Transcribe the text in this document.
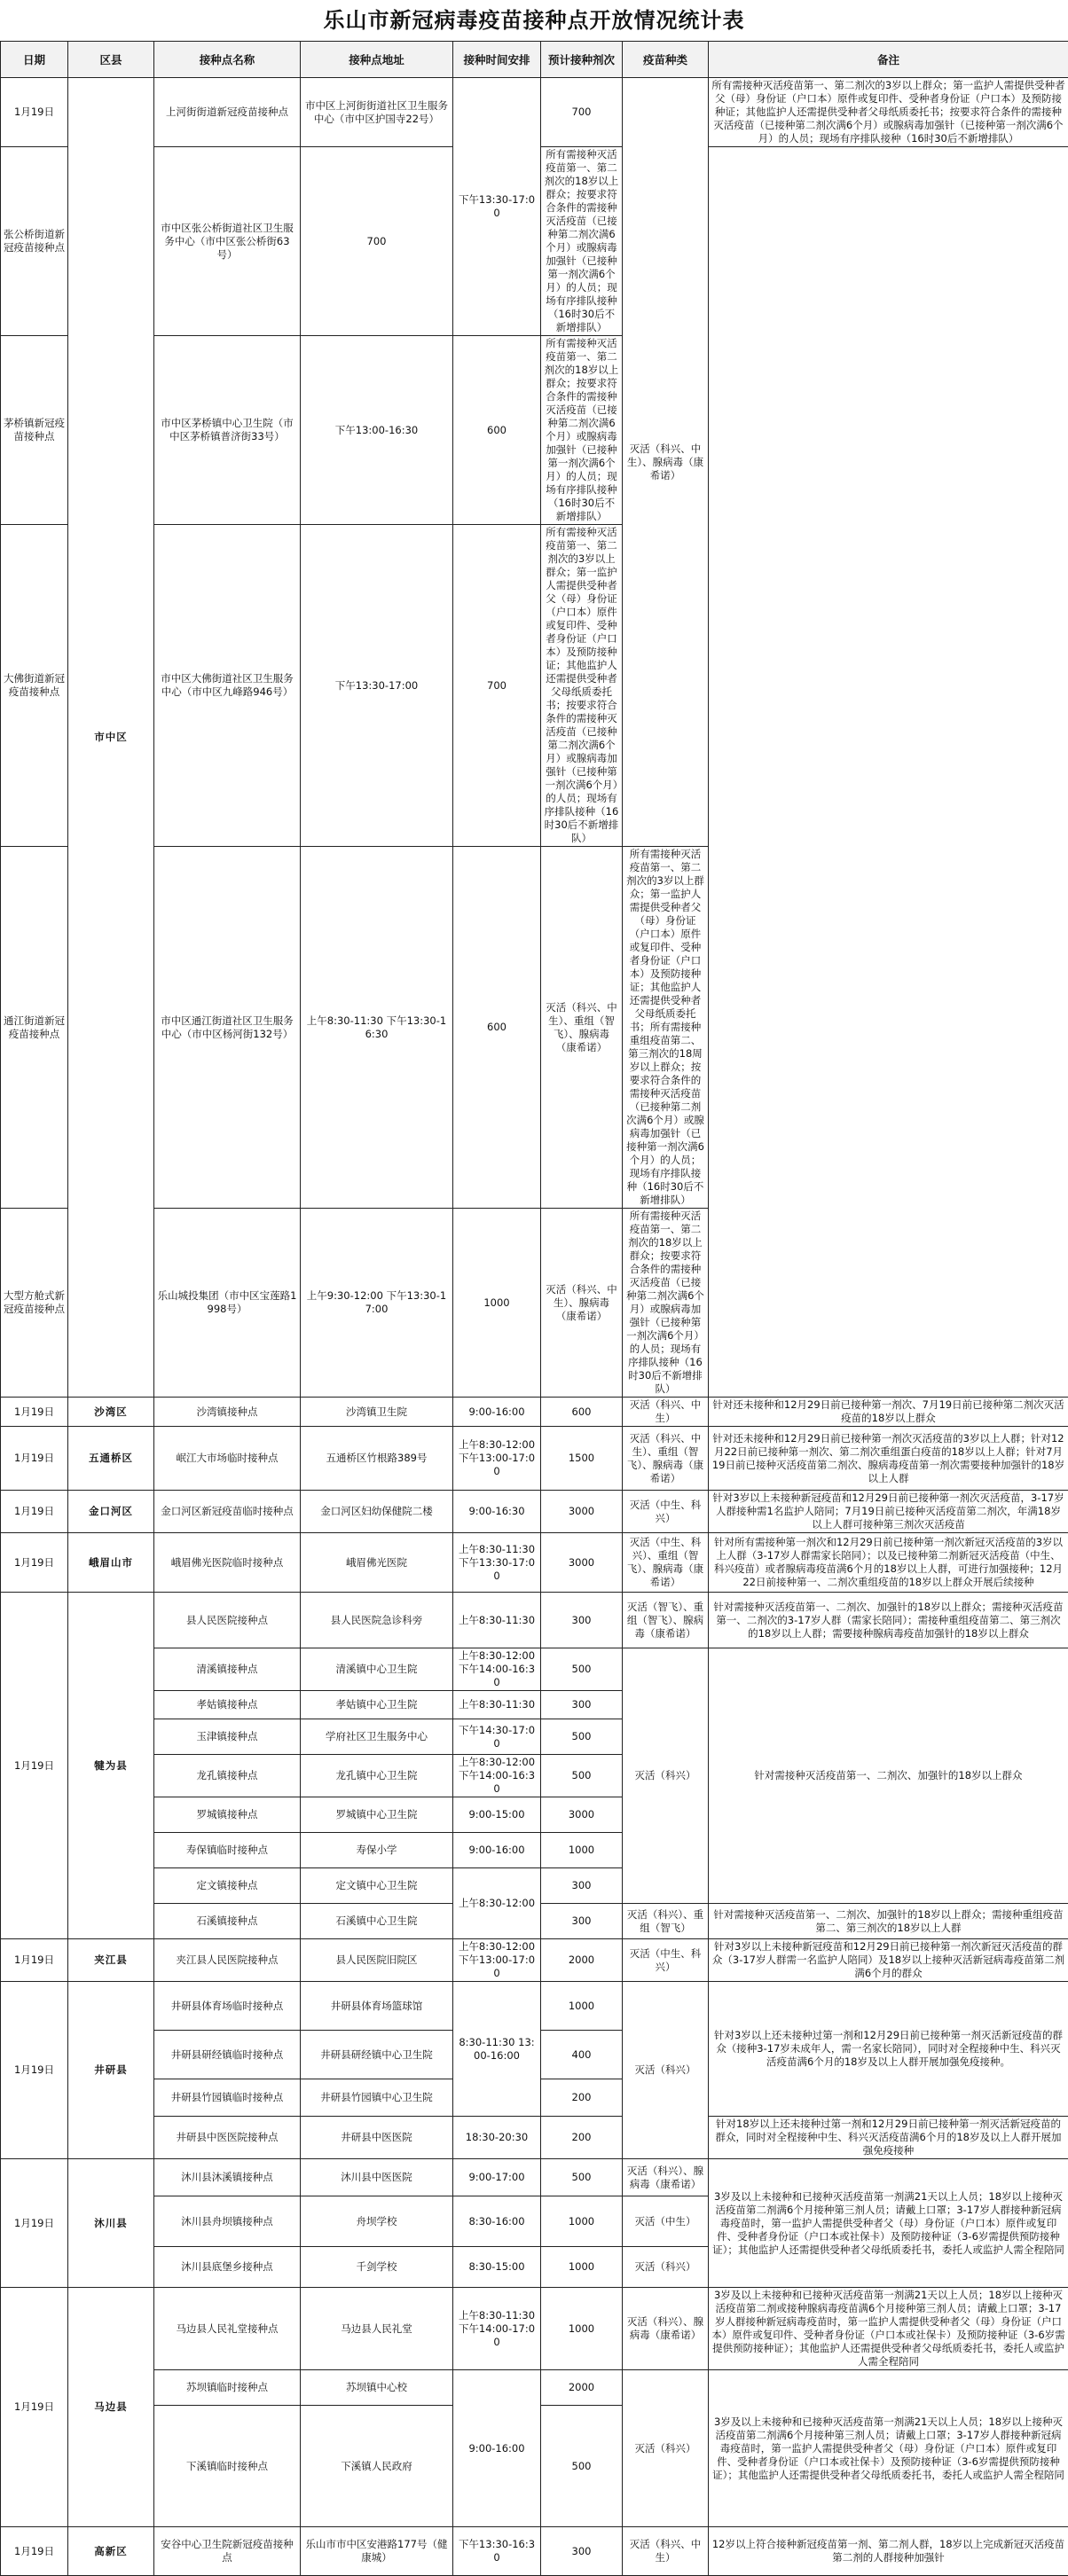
乐山市新冠病毒疫苗接种点开放情况统计表
日期	区县	接种点名称	接种点地址	接种时间安排	预计接种剂次	疫苗种类	备注
1月19日	市中区	上河街街道新冠疫苗接种点	市中区上河街街道社区卫生服务中心（市中区护国寺22号）	下午13:30-17:00	700	灭活（科兴、中生）、腺病毒（康希诺）	所有需接种灭活疫苗第一、第二剂次的3岁以上群众；第一监护人需提供受种者父（母）身份证（户口本）原件或复印件、受种者身份证（户口本）及预防接种证；其他监护人还需提供受种者父母纸质委托书；按要求符合条件的需接种灭活疫苗（已接种第二剂次满6个月）或腺病毒加强针（已接种第一剂次满6个月）的人员；现场有序排队接种（16时30后不新增排队）
张公桥街道新冠疫苗接种点		市中区张公桥街道社区卫生服务中心（市中区张公桥街63号）	700		所有需接种灭活疫苗第一、第二剂次的18岁以上群众；按要求符合条件的需接种灭活疫苗（已接种第二剂次满6个月）或腺病毒加强针（已接种第一剂次满6个月）的人员；现场有序排队接种（16时30后不新增排队）		
茅桥镇新冠疫苗接种点		市中区茅桥镇中心卫生院（市中区茅桥镇普济街33号）	下午13:00-16:30	600	所有需接种灭活疫苗第一、第二剂次的18岁以上群众；按要求符合条件的需接种灭活疫苗（已接种第二剂次满6个月）或腺病毒加强针（已接种第一剂次满6个月）的人员；现场有序排队接种（16时30后不新增排队）		
大佛街道新冠疫苗接种点		市中区大佛街道社区卫生服务中心（市中区九峰路946号）	下午13:30-17:00	700	所有需接种灭活疫苗第一、第二剂次的3岁以上群众；第一监护人需提供受种者父（母）身份证（户口本）原件或复印件、受种者身份证（户口本）及预防接种证；其他监护人还需提供受种者父母纸质委托书；按要求符合条件的需接种灭活疫苗（已接种第二剂次满6个月）或腺病毒加强针（已接种第一剂次满6个月）的人员；现场有序排队接种（16时30后不新增排队）		
通江街道新冠疫苗接种点		市中区通江街道社区卫生服务中心（市中区杨河街132号）	上午8:30-11:30 下午13:30-16:30	600	灭活（科兴、中生）、重组（智飞）、腺病毒（康希诺）	所有需接种灭活疫苗第一、第二剂次的3岁以上群众；第一监护人需提供受种者父（母）身份证（户口本）原件或复印件、受种者身份证（户口本）及预防接种证；其他监护人还需提供受种者父母纸质委托书；所有需接种重组疫苗第二、第三剂次的18周岁以上群众；按要求符合条件的需接种灭活疫苗（已接种第二剂次满6个月）或腺病毒加强针（已接种第一剂次满6个月）的人员；现场有序排队接种（16时30后不新增排队）	
大型方舱式新冠疫苗接种点		乐山城投集团（市中区宝莲路1998号）	上午9:30-12:00 下午13:30-17:00	1000	灭活（科兴、中生）、腺病毒（康希诺）	所有需接种灭活疫苗第一、第二剂次的18岁以上群众；按要求符合条件的需接种灭活疫苗（已接种第二剂次满6个月）或腺病毒加强针（已接种第一剂次满6个月）的人员；现场有序排队接种（16时30后不新增排队）	
1月19日	沙湾区	沙湾镇接种点	沙湾镇卫生院	9:00-16:00	600	灭活（科兴、中生）	针对还未接种和12月29日前已接种第一剂次、7月19日前已接种第二剂次灭活疫苗的18岁以上群众
1月19日	五通桥区	岷江大市场临时接种点	五通桥区竹根路389号	上午8:30-12:00 下午13:00-17:00	1500	灭活（科兴、中生）、重组（智飞）、腺病毒（康希诺）	针对还未接种和12月29日前已接种第一剂次灭活疫苗的3岁以上人群；针对12月22日前已接种第一剂次、第二剂次重组蛋白疫苗的18岁以上人群；针对7月19日前已接种灭活疫苗第二剂次、腺病毒疫苗第一剂次需要接种加强针的18岁以上人群
1月19日	金口河区	金口河区新冠疫苗临时接种点	金口河区妇幼保健院二楼	9:00-16:30	3000	灭活（中生、科兴）	针对3岁以上未接种新冠疫苗和12月29日前已接种第一剂次灭活疫苗，3-17岁人群接种需1名监护人陪同；7月19日前已接种灭活疫苗第二剂次，年满18岁以上人群可接种第三剂次灭活疫苗
1月19日	峨眉山市	峨眉佛光医院临时接种点	峨眉佛光医院	上午8:30-11:30 下午13:30-17:00	3000	灭活（中生、科兴）、重组（智飞）、腺病毒（康希诺）	针对所有需接种第一剂次和12月29日前已接种第一剂次新冠灭活疫苗的3岁以上人群（3-17岁人群需家长陪同）；以及已接种第二剂新冠灭活疫苗（中生、科兴疫苗）或者腺病毒疫苗满6个月的18岁以上人群，可进行加强接种；12月22日前接种第一、二剂次重组疫苗的18岁以上群众开展后续接种
1月19日	犍为县	县人民医院接种点	县人民医院急诊科旁	上午8:30-11:30	300	灭活（智飞）、重组（智飞）、腺病毒（康希诺）	针对需接种灭活疫苗第一、二剂次、加强针的18岁以上群众；需接种灭活疫苗第一、二剂次的3-17岁人群（需家长陪同）；需接种重组疫苗第二、第三剂次的18岁以上人群；需要接种腺病毒疫苗加强针的18岁以上群众
		清溪镇接种点	清溪镇中心卫生院	上午8:30-12:00 下午14:00-16:30	500	灭活（科兴）	针对需接种灭活疫苗第一、二剂次、加强针的18岁以上群众
		孝姑镇接种点	孝姑镇中心卫生院	上午8:30-11:30	300		
		玉津镇接种点	学府社区卫生服务中心	下午14:30-17:00	500		
		龙孔镇接种点	龙孔镇中心卫生院	上午8:30-12:00 下午14:00-16:30	500		
		罗城镇接种点	罗城镇中心卫生院	9:00-15:00	3000		
		寿保镇临时接种点	寿保小学	9:00-16:00	1000		
		定文镇接种点	定文镇中心卫生院	上午8:30-12:00	300		
		石溪镇接种点	石溪镇中心卫生院		300	灭活（科兴）、重组（智飞）	针对需接种灭活疫苗第一、二剂次、加强针的18岁以上群众；需接种重组疫苗第二、第三剂次的18岁以上人群
1月19日	夹江县	夹江县人民医院接种点	县人民医院旧院区	上午8:30-12:00 下午13:00-17:00	2000	灭活（中生、科兴）	针对3岁以上未接种新冠疫苗和12月29日前已接种第一剂次新冠灭活疫苗的群众（3-17岁人群需一名监护人陪同）及18岁以上接种灭活新冠病毒疫苗第二剂满6个月的群众
1月19日	井研县	井研县体育场临时接种点	井研县体育场篮球馆	8:30-11:30 13:00-16:00	1000	灭活（科兴）	针对3岁以上还未接种过第一剂和12月29日前已接种第一剂灭活新冠疫苗的群众（接种3-17岁未成年人，需一名家长陪同），同时对全程接种中生、科兴灭活疫苗满6个月的18岁及以上人群开展加强免疫接种。
		井研县研经镇临时接种点	井研县研经镇中心卫生院		400		
		井研县竹园镇临时接种点	井研县竹园镇中心卫生院		200		
		井研县中医医院接种点	井研县中医医院	18:30-20:30	200		针对18岁以上还未接种过第一剂和12月29日前已接种第一剂灭活新冠疫苗的群众，同时对全程接种中生、科兴灭活疫苗满6个月的18岁及以上人群开展加强免疫接种
1月19日	沐川县	沐川县沐溪镇接种点	沐川县中医医院	9:00-17:00	500	灭活（科兴）、腺病毒（康希诺）	3岁及以上未接种和已接种灭活疫苗第一剂满21天以上人员；18岁以上接种灭活疫苗第二剂满6个月接种第三剂人员；请戴上口罩；3-17岁人群接种新冠病毒疫苗时，第一监护人需提供受种者父（母）身份证（户口本）原件或复印件、受种者身份证（户口本或社保卡）及预防接种证（3-6岁需提供预防接种证）；其他监护人还需提供受种者父母纸质委托书，委托人或监护人需全程陪同
		沐川县舟坝镇接种点	舟坝学校	8:30-16:00	1000	灭活（中生）	
		沐川县底堡乡接种点	千剑学校	8:30-15:00	1000	灭活（科兴）	
1月19日	马边县	马边县人民礼堂接种点	马边县人民礼堂	上午8:30-11:30 下午14:00-17:00	1000	灭活（科兴）、腺病毒（康希诺）	3岁及以上未接种和已接种灭活疫苗第一剂满21天以上人员；18岁以上接种灭活疫苗第二剂或接种腺病毒疫苗满6个月接种第三剂人员；请戴上口罩；3-17岁人群接种新冠病毒疫苗时，第一监护人需提供受种者父（母）身份证（户口本）原件或复印件、受种者身份证（户口本或社保卡）及预防接种证（3-6岁需提供预防接种证）；其他监护人还需提供受种者父母纸质委托书，委托人或监护人需全程陪同
		苏坝镇临时接种点	苏坝镇中心校	9:00-16:00	2000	灭活（科兴）	3岁及以上未接种和已接种灭活疫苗第一剂满21天以上人员；18岁以上接种灭活疫苗第二剂满6个月接种第三剂人员；请戴上口罩；3-17岁人群接种新冠病毒疫苗时，第一监护人需提供受种者父（母）身份证（户口本）原件或复印件、受种者身份证（户口本或社保卡）及预防接种证（3-6岁需提供预防接种证）；其他监护人还需提供受种者父母纸质委托书，委托人或监护人需全程陪同
		下溪镇临时接种点	下溪镇人民政府		500		
1月19日	高新区	安谷中心卫生院新冠疫苗接种点	乐山市市中区安港路177号（健康城）	下午13:30-16:30	300	灭活（科兴、中生）	12岁以上符合接种新冠疫苗第一剂、第二剂人群，18岁以上完成新冠灭活疫苗第二剂的人群接种加强针
